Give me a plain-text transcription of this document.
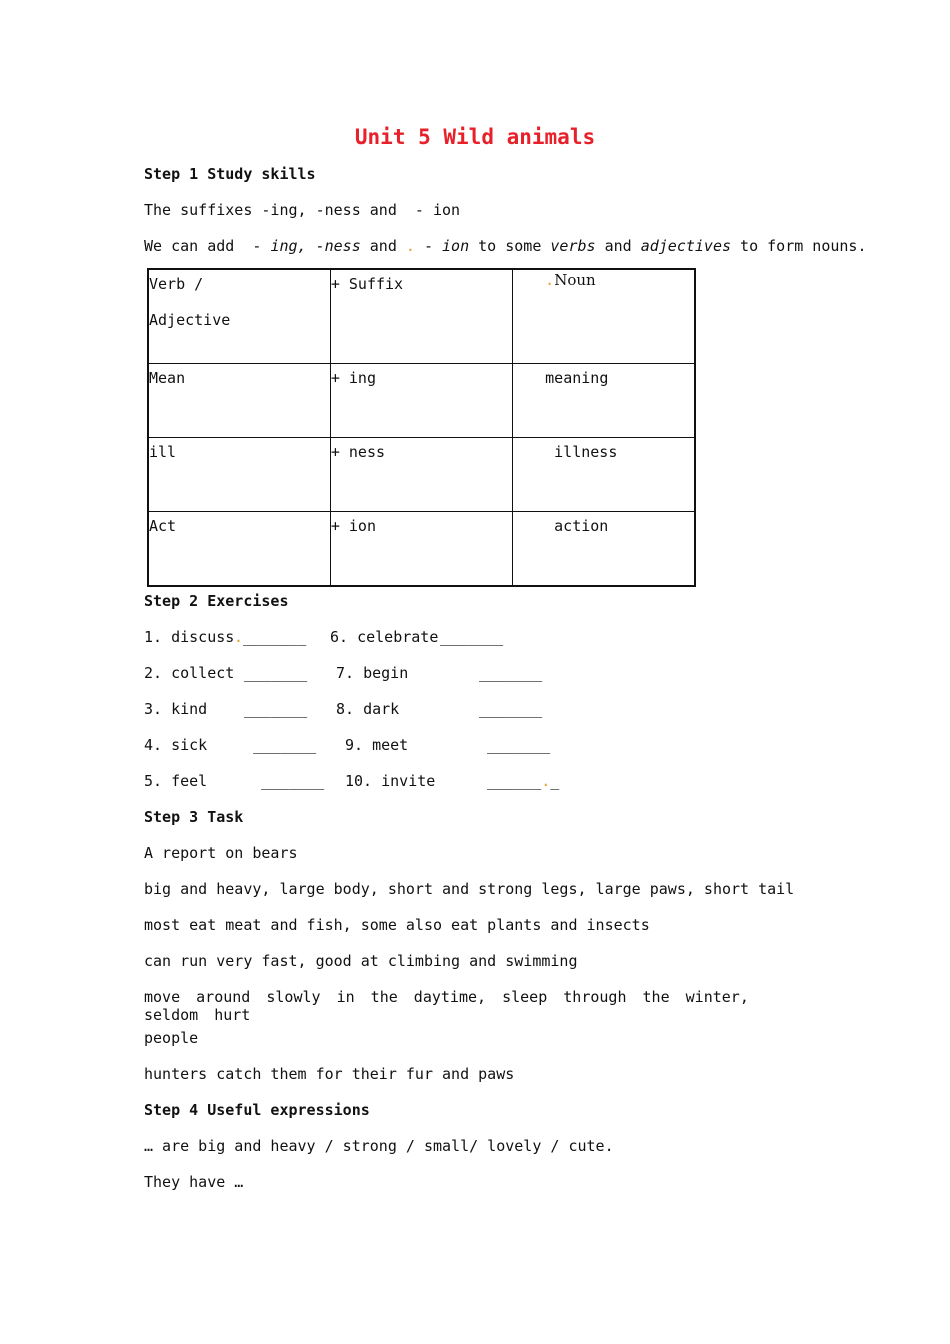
Unit 5 Wild animals
Step 1 Study skills
The suffixes -ing, -ness and  - ion
We can add  - ing, -ness and . - ion to some verbs and adjectives to form nouns.
Verb /
Adjective	+ Suffix	.Noun

Mean	+ ing	meaning

ill	+ ness	illness

Act	+ ion	action
Step 2 Exercises
1. discuss ._______ 6. celebrate _______
2. collect _______ 7. begin	_______
3. kind _______ 8. dark	_______
4. sick	_______ 9. meet	_______
5. feel	_______ 10. invite	______._
Step 3 Task
A report on bears
big and heavy, large body, short and strong legs, large paws, short tail
most eat meat and fish, some also eat plants and insects
can run very fast, good at climbing and swimming
move around slowly in the daytime, sleep through the winter, seldom hurt
people
hunters catch them for their fur and paws
Step 4 Useful expressions
… are big and heavy / strong / small/ lovely / cute.
They have …
